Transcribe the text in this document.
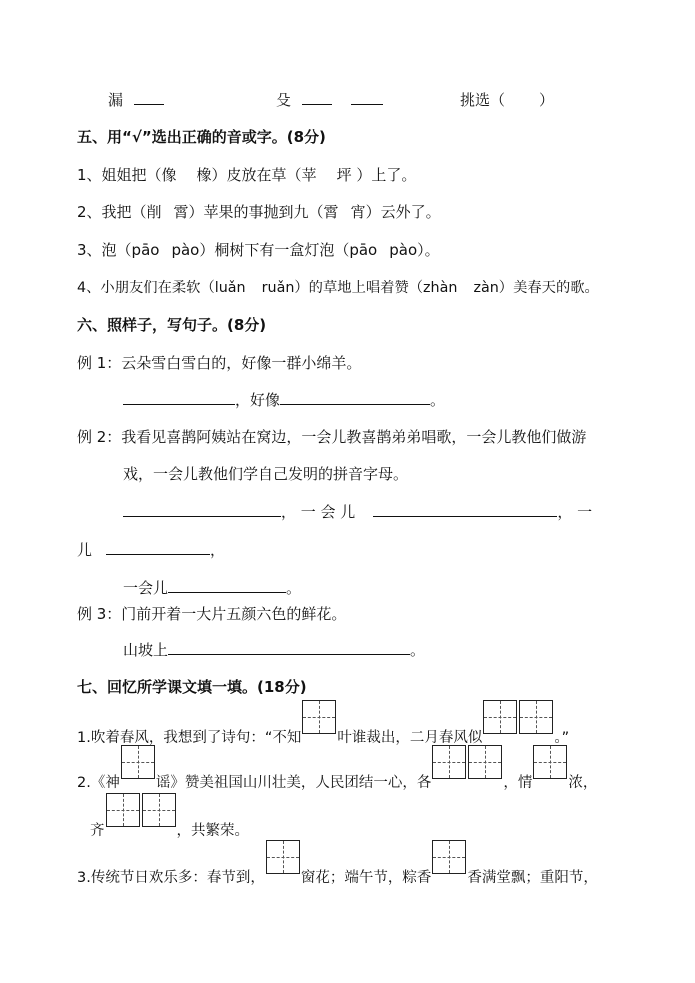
漏	殳	挑选（ ）
五、用“√”选出正确的音或字。(8分)
1、姐姐把（像 橡）皮放在草（苹 坪 ）上了。
2、我把（削 霄）苹果的事抛到九（霄 宵）云外了。
3、泡（pāo pào）桐树下有一盒灯泡（pāo pào）。
4、小朋友们在柔软（luǎn ruǎn）的草地上唱着赞（zhàn zàn）美春天的歌。
六、照样子，写句子。(8分)
例 1：云朵雪白雪白的，好像一群小绵羊。
，好像	。
例 2：我看见喜鹊阿姨站在窝边，一会儿教喜鹊弟弟唱歌，一会儿教他们做游
戏，一会儿教他们学自己发明的拼音字母。
， 一 会 儿	， 一
儿	，
一会儿	。
例 3：门前开着一大片五颜六色的鲜花。
山坡上	。
七、回忆所学课文填一填。(18分)
1.吹着春风，我想到了诗句：“不知 叶谁裁出，二月春风似	。”
2.《神 谣》赞美祖国山川壮美，人民团结一心，各	，情 浓，
齐	，共繁荣。
3.传统节日欢乐多：春节到， 窗花；端午节，粽香 香满堂飘；重阳节，
